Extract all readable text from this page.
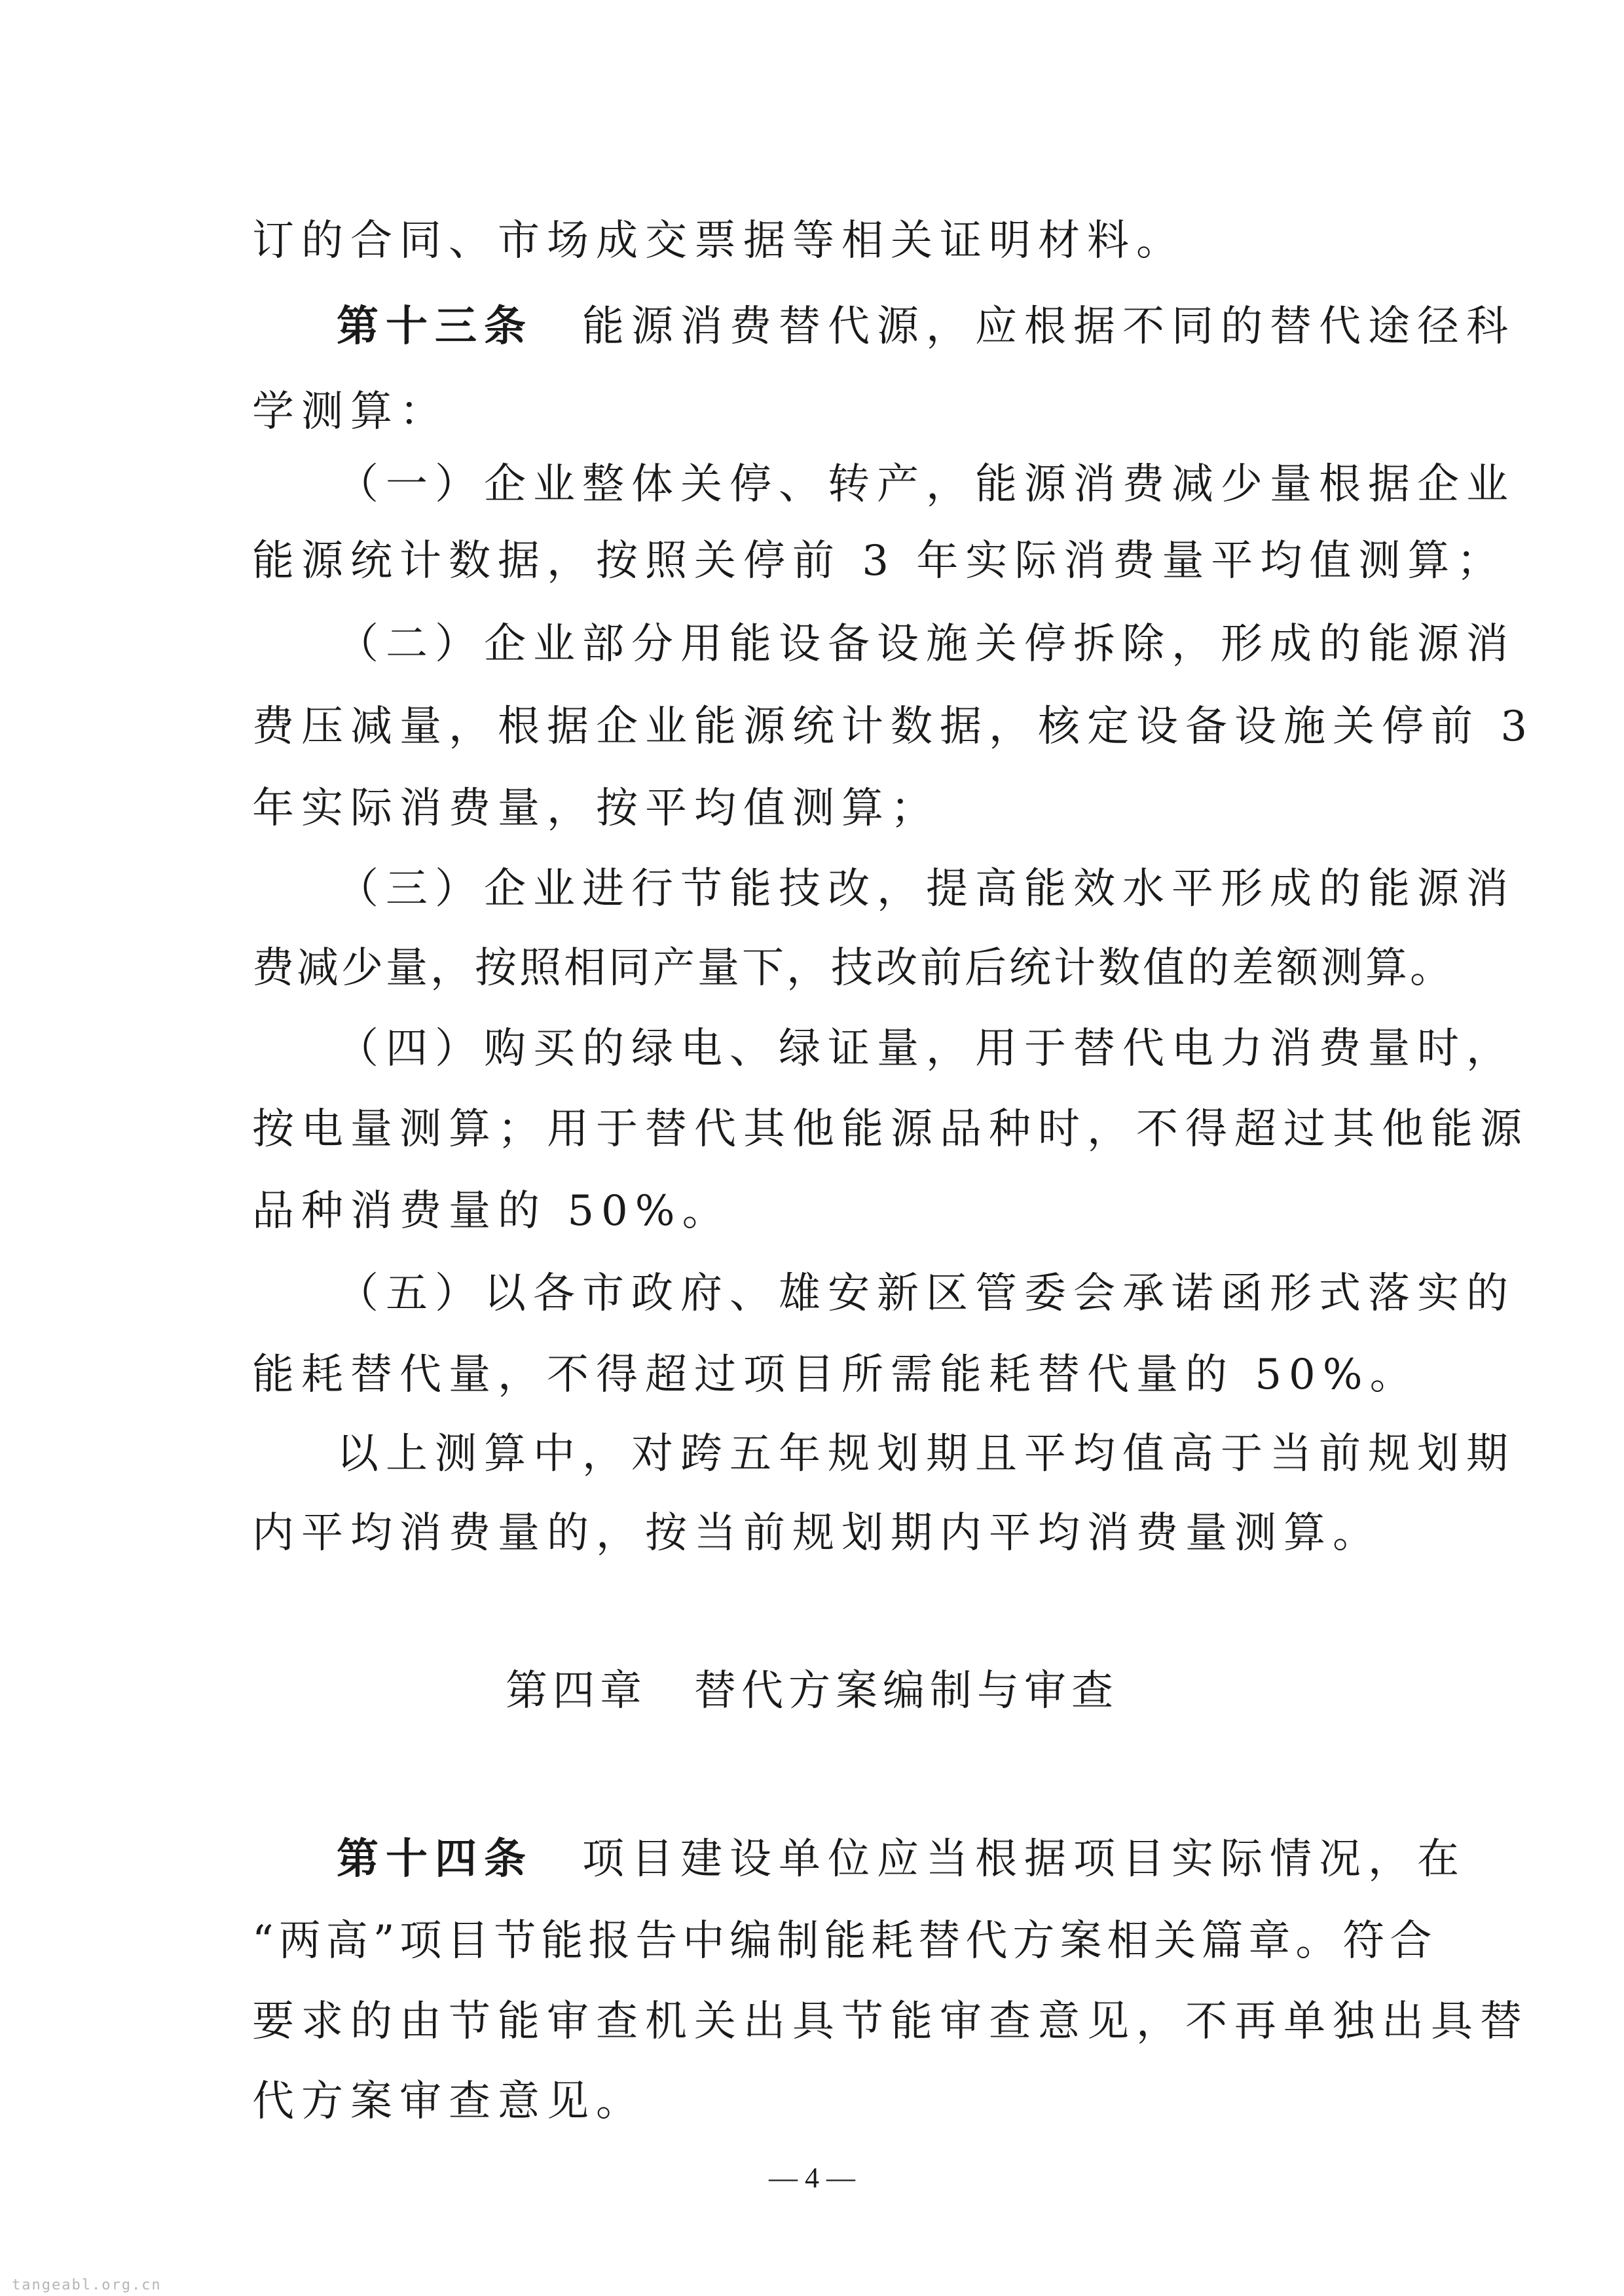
订的合同、市场成交票据等相关证明材料。
第十三条　能源消费替代源，应根据不同的替代途径科
学测算：
（一）企业整体关停、转产，能源消费减少量根据企业
能源统计数据，按照关停前 3 年实际消费量平均值测算；
（二）企业部分用能设备设施关停拆除，形成的能源消
费压减量，根据企业能源统计数据，核定设备设施关停前 3
年实际消费量，按平均值测算；
（三）企业进行节能技改，提高能效水平形成的能源消
费减少量，按照相同产量下，技改前后统计数值的差额测算。
（四）购买的绿电、绿证量，用于替代电力消费量时，
按电量测算；用于替代其他能源品种时，不得超过其他能源
品种消费量的 50%。
（五）以各市政府、雄安新区管委会承诺函形式落实的
能耗替代量，不得超过项目所需能耗替代量的 50%。
以上测算中，对跨五年规划期且平均值高于当前规划期
内平均消费量的，按当前规划期内平均消费量测算。
第四章　替代方案编制与审查
第十四条　项目建设单位应当根据项目实际情况，在
“两高”项目节能报告中编制能耗替代方案相关篇章。符合
要求的由节能审查机关出具节能审查意见，不再单独出具替
代方案审查意见。
— 4 —
tangeabl.org.cn
